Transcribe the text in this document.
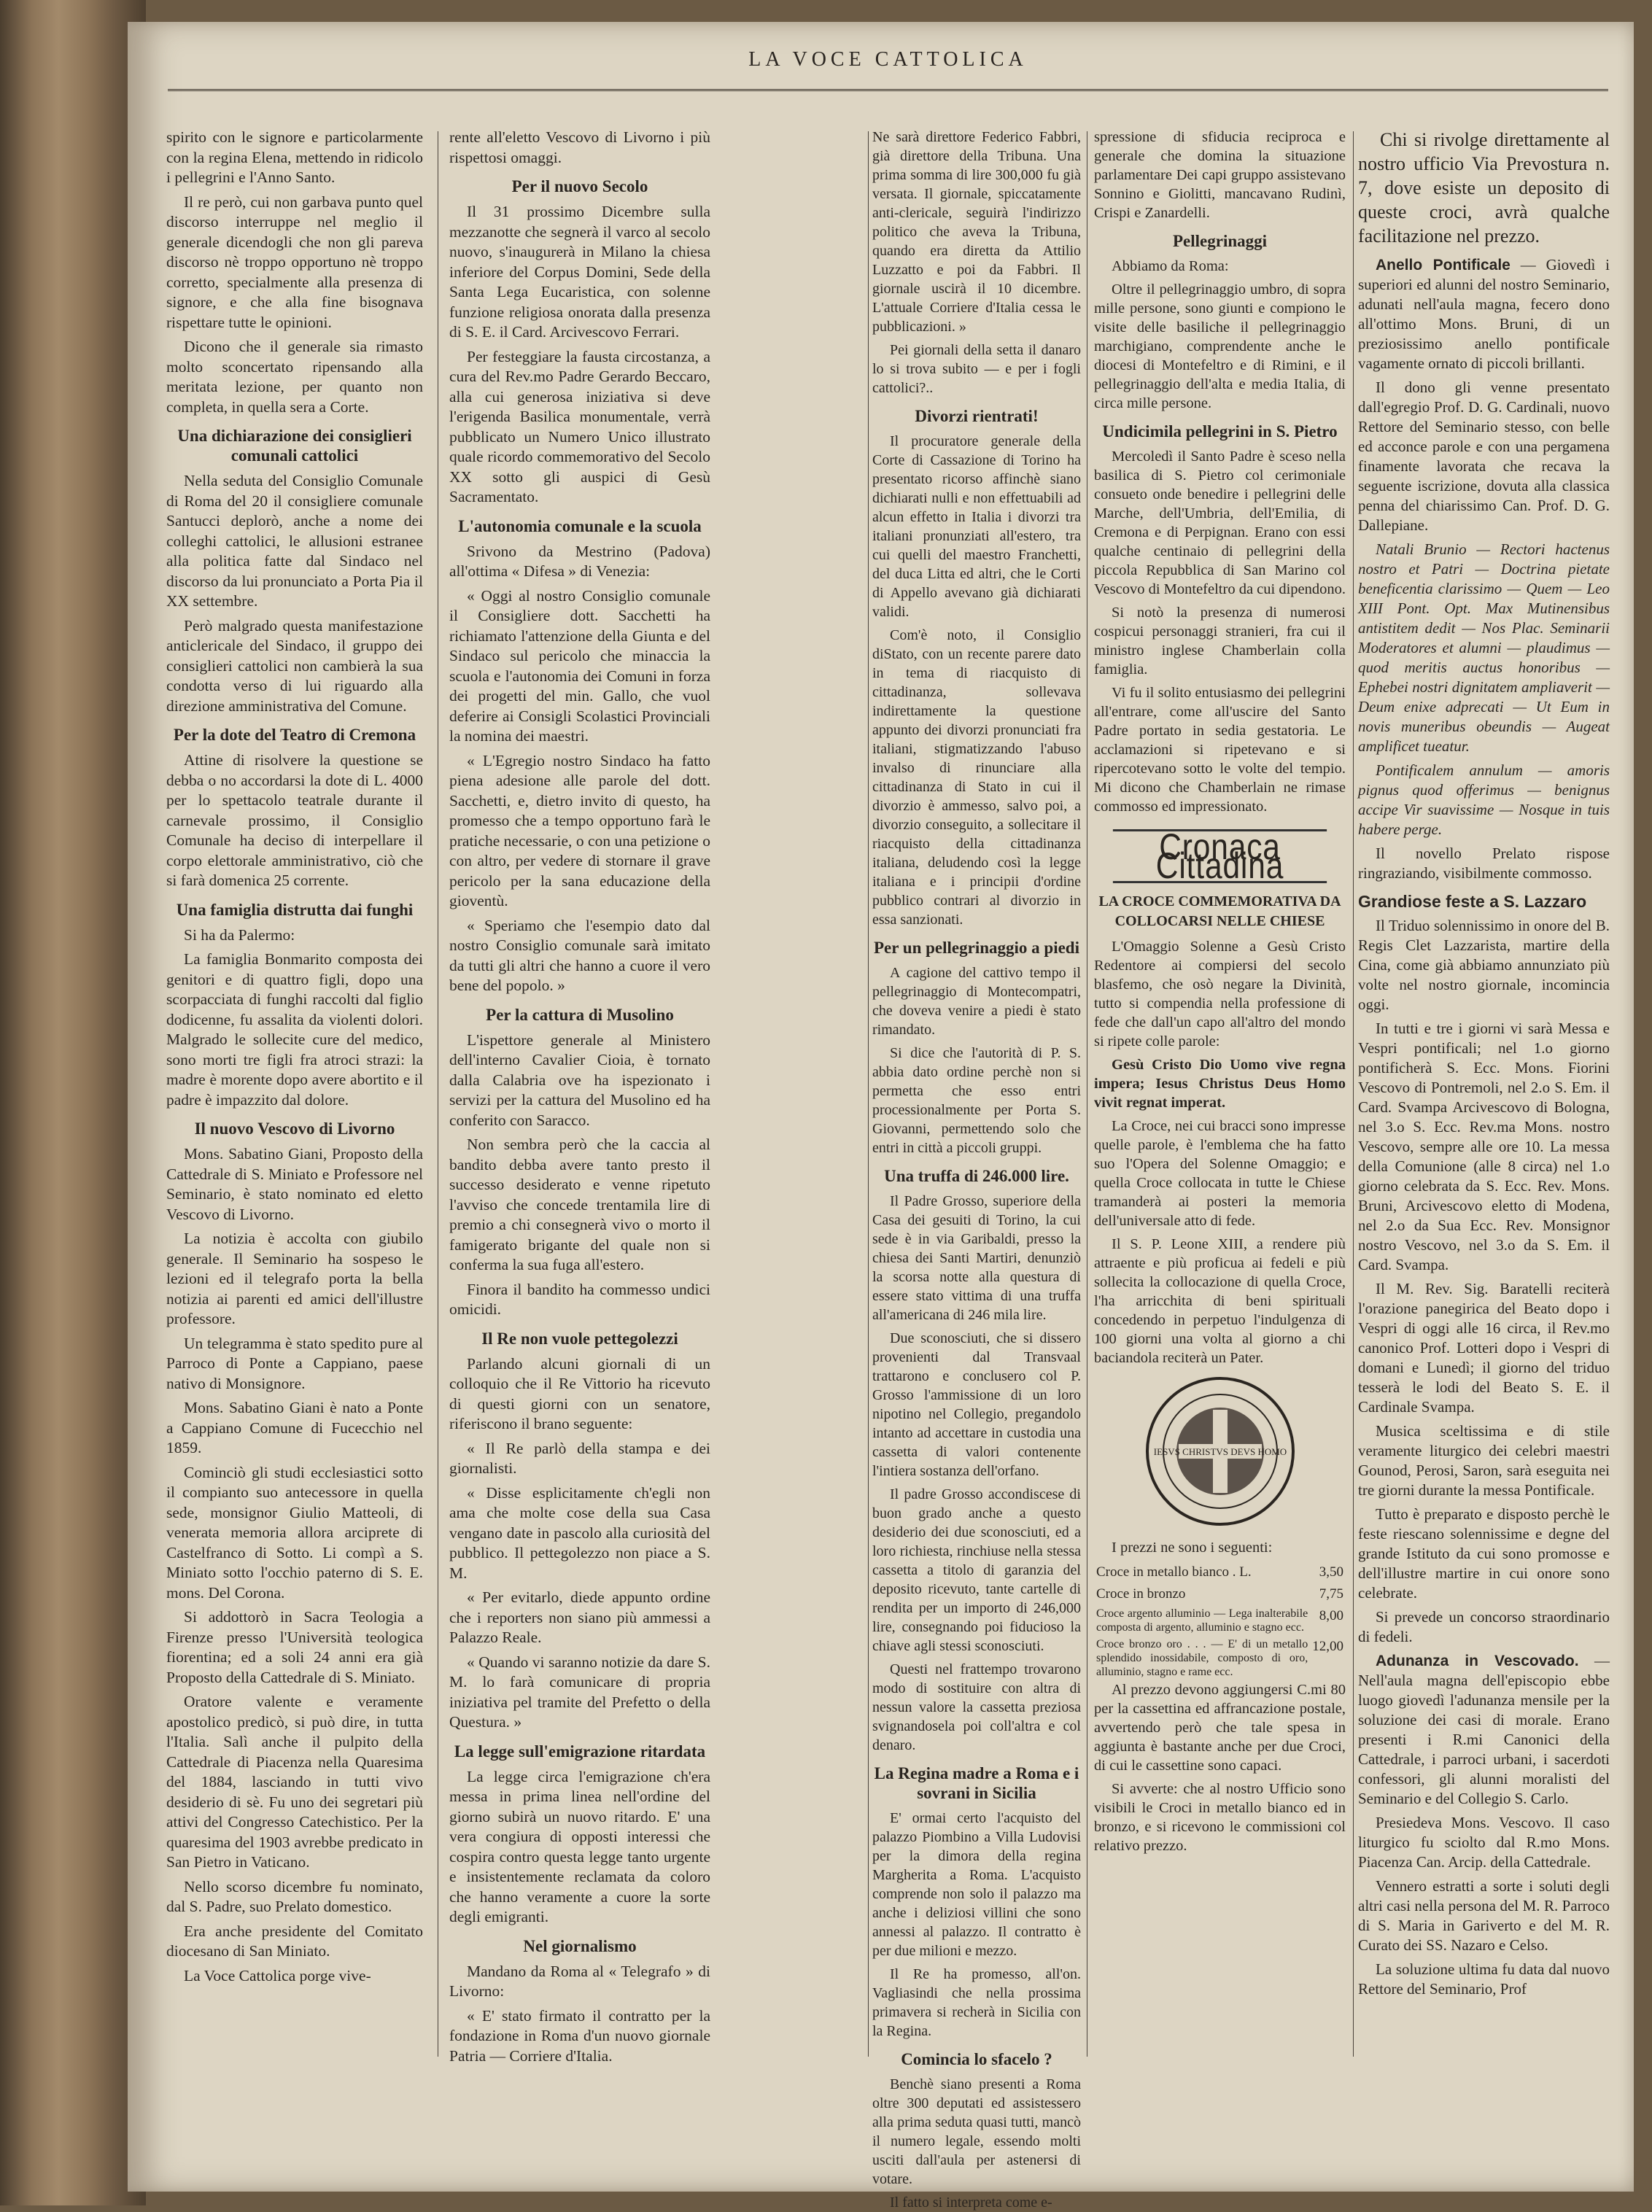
LA VOCE CATTOLICA

spirito con le signore e particolarmente con la regina Elena, mettendo in ridicolo i pellegrini e l'Anno Santo.

Il re però, cui non garbava punto quel discorso interruppe nel meglio il generale dicendogli che non gli pareva discorso nè troppo opportuno nè troppo corretto, specialmente alla presenza di signore, e che alla fine bisognava rispettare tutte le opinioni.

Dicono che il generale sia rimasto molto sconcertato ripensando alla meritata lezione, per quanto non completa, in quella sera a Corte.

Una dichiarazione dei consiglieri comunali cattolici

Nella seduta del Consiglio Comunale di Roma del 20 il consigliere comunale Santucci deplorò, anche a nome dei colleghi cattolici, le allusioni estranee alla politica fatte dal Sindaco nel discorso da lui pronunciato a Porta Pia il XX settembre.

Però malgrado questa manifestazione anticlericale del Sindaco, il gruppo dei consiglieri cattolici non cambierà la sua condotta verso di lui riguardo alla direzione amministrativa del Comune.

Per la dote del Teatro di Cremona

Attine di risolvere la questione se debba o no accordarsi la dote di L. 4000 per lo spettacolo teatrale durante il carnevale prossimo, il Consiglio Comunale ha deciso di interpellare il corpo elettorale amministrativo, ciò che si farà domenica 25 corrente.

Una famiglia distrutta dai funghi

Si ha da Palermo:

La famiglia Bonmarito composta dei genitori e di quattro figli, dopo una scorpacciata di funghi raccolti dal figlio dodicenne, fu assalita da violenti dolori. Malgrado le sollecite cure del medico, sono morti tre figli fra atroci strazi: la madre è morente dopo avere abortito e il padre è impazzito dal dolore.

Il nuovo Vescovo di Livorno

Mons. Sabatino Giani, Proposto della Cattedrale di S. Miniato e Professore nel Seminario, è stato nominato ed eletto Vescovo di Livorno.

La notizia è accolta con giubilo generale. Il Seminario ha sospeso le lezioni ed il telegrafo porta la bella notizia ai parenti ed amici dell'illustre professore.

Un telegramma è stato spedito pure al Parroco di Ponte a Cappiano, paese nativo di Monsignore.

Mons. Sabatino Giani è nato a Ponte a Cappiano Comune di Fucecchio nel 1859.

Cominciò gli studi ecclesiastici sotto il compianto suo antecessore in quella sede, monsignor Giulio Matteoli, di venerata memoria allora arciprete di Castelfranco di Sotto. Li compì a S. Miniato sotto l'occhio paterno di S. E. mons. Del Corona.

Si addottorò in Sacra Teologia a Firenze presso l'Università teologica fiorentina; ed a soli 24 anni era già Proposto della Cattedrale di S. Miniato.

Oratore valente e veramente apostolico predicò, si può dire, in tutta l'Italia. Salì anche il pulpito della Cattedrale di Piacenza nella Quaresima del 1884, lasciando in tutti vivo desiderio di sè. Fu uno dei segretari più attivi del Congresso Catechistico. Per la quaresima del 1903 avrebbe predicato in San Pietro in Vaticano.

Nello scorso dicembre fu nominato, dal S. Padre, suo Prelato domestico.

Era anche presidente del Comitato diocesano di San Miniato.

La Voce Cattolica porge vive-

rente all'eletto Vescovo di Livorno i più rispettosi omaggi.

Per il nuovo Secolo

Il 31 prossimo Dicembre sulla mezzanotte che segnerà il varco al secolo nuovo, s'inaugurerà in Milano la chiesa inferiore del Corpus Domini, Sede della Santa Lega Eucaristica, con solenne funzione religiosa onorata dalla presenza di S. E. il Card. Arcivescovo Ferrari.

Per festeggiare la fausta circostanza, a cura del Rev.mo Padre Gerardo Beccaro, alla cui generosa iniziativa si deve l'erigenda Basilica monumentale, verrà pubblicato un Numero Unico illustrato quale ricordo commemorativo del Secolo XX sotto gli auspici di Gesù Sacramentato.

L'autonomia comunale e la scuola

Srivono da Mestrino (Padova) all'ottima « Difesa » di Venezia:

« Oggi al nostro Consiglio comunale il Consigliere dott. Sacchetti ha richiamato l'attenzione della Giunta e del Sindaco sul pericolo che minaccia la scuola e l'autonomia dei Comuni in forza dei progetti del min. Gallo, che vuol deferire ai Consigli Scolastici Provinciali la nomina dei maestri.

« L'Egregio nostro Sindaco ha fatto piena adesione alle parole del dott. Sacchetti, e, dietro invito di questo, ha promesso che a tempo opportuno farà le pratiche necessarie, o con una petizione o con altro, per vedere di stornare il grave pericolo per la sana educazione della gioventù.

« Speriamo che l'esempio dato dal nostro Consiglio comunale sarà imitato da tutti gli altri che hanno a cuore il vero bene del popolo. »

Per la cattura di Musolino

L'ispettore generale al Ministero dell'interno Cavalier Cioia, è tornato dalla Calabria ove ha ispezionato i servizi per la cattura del Musolino ed ha conferito con Saracco.

Non sembra però che la caccia al bandito debba avere tanto presto il successo desiderato e venne ripetuto l'avviso che concede trentamila lire di premio a chi consegnerà vivo o morto il famigerato brigante del quale non si conferma la sua fuga all'estero.

Finora il bandito ha commesso undici omicidi.

Il Re non vuole pettegolezzi

Parlando alcuni giornali di un colloquio che il Re Vittorio ha ricevuto di questi giorni con un senatore, riferiscono il brano seguente:

« Il Re parlò della stampa e dei giornalisti.

« Disse esplicitamente ch'egli non ama che molte cose della sua Casa vengano date in pascolo alla curiosità del pubblico. Il pettegolezzo non piace a S. M.

« Per evitarlo, diede appunto ordine che i reporters non siano più ammessi a Palazzo Reale.

« Quando vi saranno notizie da dare S. M. lo farà comunicare di propria iniziativa pel tramite del Prefetto o della Questura. »

La legge sull'emigrazione ritardata

La legge circa l'emigrazione ch'era messa in prima linea nell'ordine del giorno subirà un nuovo ritardo. E' una vera congiura di opposti interessi che cospira contro questa legge tanto urgente e insistentemente reclamata da coloro che hanno veramente a cuore la sorte degli emigranti.

Nel giornalismo

Mandano da Roma al « Telegrafo » di Livorno:

« E' stato firmato il contratto per la fondazione in Roma d'un nuovo giornale Patria — Corriere d'Italia.

Ne sarà direttore Federico Fabbri, già direttore della Tribuna. Una prima somma di lire 300,000 fu già versata. Il giornale, spiccatamente anti-clericale, seguirà l'indirizzo politico che aveva la Tribuna, quando era diretta da Attilio Luzzatto e poi da Fabbri. Il giornale uscirà il 10 dicembre. L'attuale Corriere d'Italia cessa le pubblicazioni. »

Pei giornali della setta il danaro lo si trova subito — e per i fogli cattolici?..

Divorzi rientrati!

Il procuratore generale della Corte di Cassazione di Torino ha presentato ricorso affinchè siano dichiarati nulli e non effettuabili ad alcun effetto in Italia i divorzi tra italiani pronunziati all'estero, tra cui quelli del maestro Franchetti, del duca Litta ed altri, che le Corti di Appello avevano già dichiarati validi.

Com'è noto, il Consiglio diStato, con un recente parere dato in tema di riacquisto di cittadinanza, sollevava indirettamente la questione appunto dei divorzi pronunciati fra italiani, stigmatizzando l'abuso invalso di rinunciare alla cittadinanza di Stato in cui il divorzio è ammesso, salvo poi, a divorzio conseguito, a sollecitare il riacquisto della cittadinanza italiana, deludendo così la legge italiana e i principii d'ordine pubblico contrari al divorzio in essa sanzionati.

Per un pellegrinaggio a piedi

A cagione del cattivo tempo il pellegrinaggio di Montecompatri, che doveva venire a piedi è stato rimandato.

Si dice che l'autorità di P. S. abbia dato ordine perchè non si permetta che esso entri processionalmente per Porta S. Giovanni, permettendo solo che entri in città a piccoli gruppi.

Una truffa di 246.000 lire.

Il Padre Grosso, superiore della Casa dei gesuiti di Torino, la cui sede è in via Garibaldi, presso la chiesa dei Santi Martiri, denunziò la scorsa notte alla questura di essere stato vittima di una truffa all'americana di 246 mila lire.

Due sconosciuti, che si dissero provenienti dal Transvaal trattarono e conclusero col P. Grosso l'ammissione di un loro nipotino nel Collegio, pregandolo intanto ad accettare in custodia una cassetta di valori contenente l'intiera sostanza dell'orfano.

Il padre Grosso accondiscese di buon grado anche a questo desiderio dei due sconosciuti, ed a loro richiesta, rinchiuse nella stessa cassetta a titolo di garanzia del deposito ricevuto, tante cartelle di rendita per un importo di 246,000 lire, consegnando poi fiducioso la chiave agli stessi sconosciuti.

Questi nel frattempo trovarono modo di sostituire con altra di nessun valore la cassetta preziosa svignandosela poi coll'altra e col denaro.

La Regina madre a Roma e i sovrani in Sicilia

E' ormai certo l'acquisto del palazzo Piombino a Villa Ludovisi per la dimora della regina Margherita a Roma. L'acquisto comprende non solo il palazzo ma anche i deliziosi villini che sono annessi al palazzo. Il contratto è per due milioni e mezzo.

Il Re ha promesso, all'on. Vagliasindi che nella prossima primavera si recherà in Sicilia con la Regina.

Comincia lo sfacelo ?

Benchè siano presenti a Roma oltre 300 deputati ed assistessero alla prima seduta quasi tutti, mancò il numero legale, essendo molti usciti dall'aula per astenersi di votare.

Il fatto si interpreta come e-

spressione di sfiducia reciproca e generale che domina la situazione parlamentare Dei capi gruppo assistevano Sonnino e Giolitti, mancavano Rudinì, Crispi e Zanardelli.

Pellegrinaggi

Abbiamo da Roma:

Oltre il pellegrinaggio umbro, di sopra mille persone, sono giunti e compiono le visite delle basiliche il pellegrinaggio marchigiano, comprendente anche le diocesi di Montefeltro e di Rimini, e il pellegrinaggio dell'alta e media Italia, di circa mille persone.

Undicimila pellegrini in S. Pietro

Mercoledì il Santo Padre è sceso nella basilica di S. Pietro col cerimoniale consueto onde benedire i pellegrini delle Marche, dell'Umbria, dell'Emilia, di Cremona e di Perpignan. Erano con essi qualche centinaio di pellegrini della piccola Repubblica di San Marino col Vescovo di Montefeltro da cui dipendono.

Si notò la presenza di numerosi cospicui personaggi stranieri, fra cui il ministro inglese Chamberlain colla famiglia.

Vi fu il solito entusiasmo dei pellegrini all'entrare, come all'uscire del Santo Padre portato in sedia gestatoria. Le acclamazioni si ripetevano e si ripercotevano sotto le volte del tempio. Mi dicono che Chamberlain ne rimase commosso ed impressionato.

Cronaca Cittadina
LA CROCE COMMEMORATIVA DA COLLOCARSI NELLE CHIESE

L'Omaggio Solenne a Gesù Cristo Redentore ai compiersi del secolo blasfemo, che osò negare la Divinità, tutto si compendia nella professione di fede che dall'un capo all'altro del mondo si ripete colle parole:

Gesù Cristo Dio Uomo vive regna impera; Iesus Christus Deus Homo vivit regnat imperat.

La Croce, nei cui bracci sono impresse quelle parole, è l'emblema che ha fatto suo l'Opera del Solenne Omaggio; e quella Croce collocata in tutte le Chiese tramanderà ai posteri la memoria dell'universale atto di fede.

Il S. P. Leone XIII, a rendere più attraente e più proficua ai fedeli e più sollecita la collocazione di quella Croce, l'ha arricchita di beni spirituali concedendo in perpetuo l'indulgenza di 100 giorni una volta al giorno a chi baciandola reciterà un Pater.

IESVS CHRISTVS DEVS HOMO

I prezzi ne sono i seguenti:

Croce in metallo bianco . L.	3,50
Croce in bronzo	7,75
Croce argento alluminio — Lega inalterabile composta di argento, alluminio e stagno ecc.	8,00
Croce bronzo oro . . . — E' di un metallo splendido inossidabile, composto di oro, alluminio, stagno e rame ecc.	12,00

Al prezzo devono aggiungersi C.mi 80 per la cassettina ed affrancazione postale, avvertendo però che tale spesa in aggiunta è bastante anche per due Croci, di cui le cassettine sono capaci.

Si avverte: che al nostro Ufficio sono visibili le Croci in metallo bianco ed in bronzo, e si ricevono le commissioni col relativo prezzo.

Chi si rivolge direttamente al nostro ufficio Via Prevostura n. 7, dove esiste un deposito di queste croci, avrà qualche facilitazione nel prezzo.

Anello Pontificale — Giovedì i superiori ed alunni del nostro Seminario, adunati nell'aula magna, fecero dono all'ottimo Mons. Bruni, di un preziosissimo anello pontificale vagamente ornato di piccoli brillanti.

Il dono gli venne presentato dall'egregio Prof. D. G. Cardinali, nuovo Rettore del Seminario stesso, con belle ed acconce parole e con una pergamena finamente lavorata che recava la seguente iscrizione, dovuta alla classica penna del chiarissimo Can. Prof. D. G. Dallepiane.

Natali Brunio — Rectori hactenus nostro et Patri — Doctrina pietate beneficentia clarissimo — Quem — Leo XIII Pont. Opt. Max Mutinensibus antistitem dedit — Nos Plac. Seminarii Moderatores et alumni — plaudimus — quod meritis auctus honoribus — Ephebei nostri dignitatem ampliaverit — Deum enixe adprecati — Ut Eum in novis muneribus obeundis — Augeat amplificet tueatur.

Pontificalem annulum — amoris pignus quod offerimus — benignus accipe Vir suavissime — Nosque in tuis habere perge.

Il novello Prelato rispose ringraziando, visibilmente commosso.

Grandiose feste a S. Lazzaro

Il Triduo solennissimo in onore del B. Regis Clet Lazzarista, martire della Cina, come già abbiamo annunziato più volte nel nostro giornale, incomincia oggi.

In tutti e tre i giorni vi sarà Messa e Vespri pontificali; nel 1.o giorno pontificherà S. Ecc. Mons. Fiorini Vescovo di Pontremoli, nel 2.o S. Em. il Card. Svampa Arcivescovo di Bologna, nel 3.o S. Ecc. Rev.ma Mons. nostro Vescovo, sempre alle ore 10. La messa della Comunione (alle 8 circa) nel 1.o giorno celebrata da S. Ecc. Rev. Mons. Bruni, Arcivescovo eletto di Modena, nel 2.o da Sua Ecc. Rev. Monsignor nostro Vescovo, nel 3.o da S. Em. il Card. Svampa.

Il M. Rev. Sig. Baratelli reciterà l'orazione panegirica del Beato dopo i Vespri di oggi alle 16 circa, il Rev.mo canonico Prof. Lotteri dopo i Vespri di domani e Lunedì; il giorno del triduo tesserà le lodi del Beato S. E. il Cardinale Svampa.

Musica sceltissima e di stile veramente liturgico dei celebri maestri Gounod, Perosi, Saron, sarà eseguita nei tre giorni durante la messa Pontificale.

Tutto è preparato e disposto perchè le feste riescano solennissime e degne del grande Istituto da cui sono promosse e dell'illustre martire in cui onore sono celebrate.

Si prevede un concorso straordinario di fedeli.

Adunanza in Vescovado. — Nell'aula magna dell'episcopio ebbe luogo giovedì l'adunanza mensile per la soluzione dei casi di morale. Erano presenti i R.mi Canonici della Cattedrale, i parroci urbani, i sacerdoti confessori, gli alunni moralisti del Seminario e del Collegio S. Carlo.

Presiedeva Mons. Vescovo. Il caso liturgico fu sciolto dal R.mo Mons. Piacenza Can. Arcip. della Cattedrale.

Vennero estratti a sorte i soluti degli altri casi nella persona del M. R. Parroco di S. Maria in Gariverto e del M. R. Curato dei SS. Nazaro e Celso.

La soluzione ultima fu data dal nuovo Rettore del Seminario, Prof
